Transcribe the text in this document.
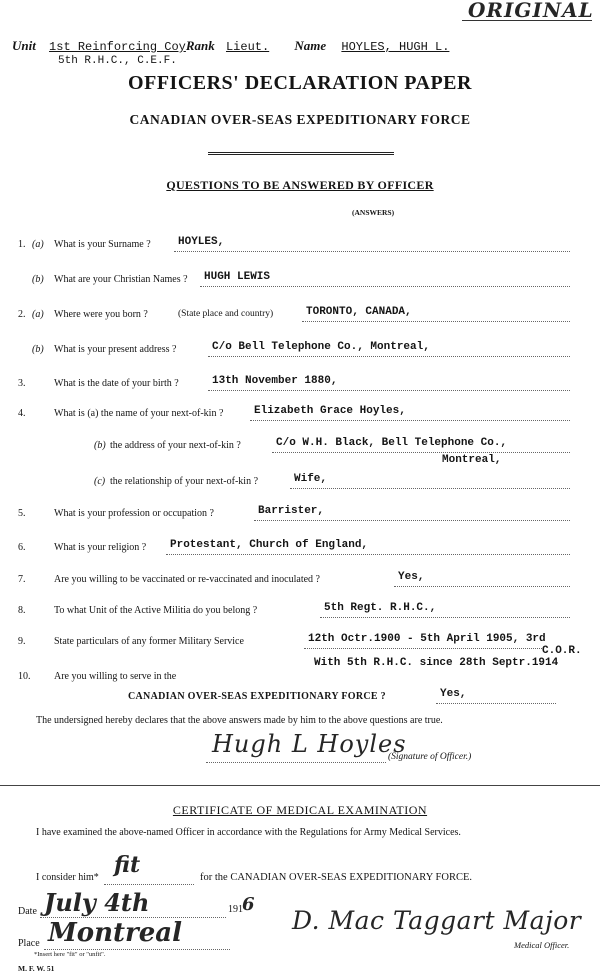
ORIGINAL
Unit 1st Reinforcing CoyRank Lieut. Name HOYLES, HUGH L.
5th R.H.C., C.E.F.
OFFICERS' DECLARATION PAPER
CANADIAN OVER-SEAS EXPEDITIONARY FORCE
QUESTIONS TO BE ANSWERED BY OFFICER
(ANSWERS)
1. (a) What is your Surname ? HOYLES,
(b) What are your Christian Names ? HUGH LEWIS
2. (a) Where were you born ?	(State place and country)	TORONTO, CANADA,
(b) What is your present address ?	C/o Bell Telephone Co., Montreal,
3.	What is the date of your birth ?	13th November 1880,
4.	What is (a) the name of your next-of-kin ?	Elizabeth Grace Hoyles,
(b) the address of your next-of-kin ?	C/o W.H. Black, Bell Telephone Co.,
Montreal,
(c) the relationship of your next-of-kin ?	Wife,
5.	What is your profession or occupation ?	Barrister,
6.	What is your religion ? Protestant, Church of England,
7.	Are you willing to be vaccinated or re-vaccinated and inoculated ?	Yes,
8.	To what Unit of the Active Militia do you belong ?	5th Regt. R.H.C.,
9.	State particulars of any former Military Service	12th Octr.1900 - 5th April 1905, 3rd
C.O.R.
With 5th R.H.C. since 28th Septr.1914
10. Are you willing to serve in the
CANADIAN OVER-SEAS EXPEDITIONARY FORCE ?	Yes,
The undersigned hereby declares that the above answers made by him to the above questions are true.
Hugh L Hoyles
(Signature of Officer.)
CERTIFICATE OF MEDICAL EXAMINATION
I have examined the above-named Officer in accordance with the Regulations for Army Medical Services.
I consider him* fit	for the CANADIAN OVER-SEAS EXPEDITIONARY FORCE.
Date July 4th	191 6
Place Montreal	D. Mac Taggart Major
Medical Officer.
*Insert here "fit" or "unfit".
M. F. W. 51
